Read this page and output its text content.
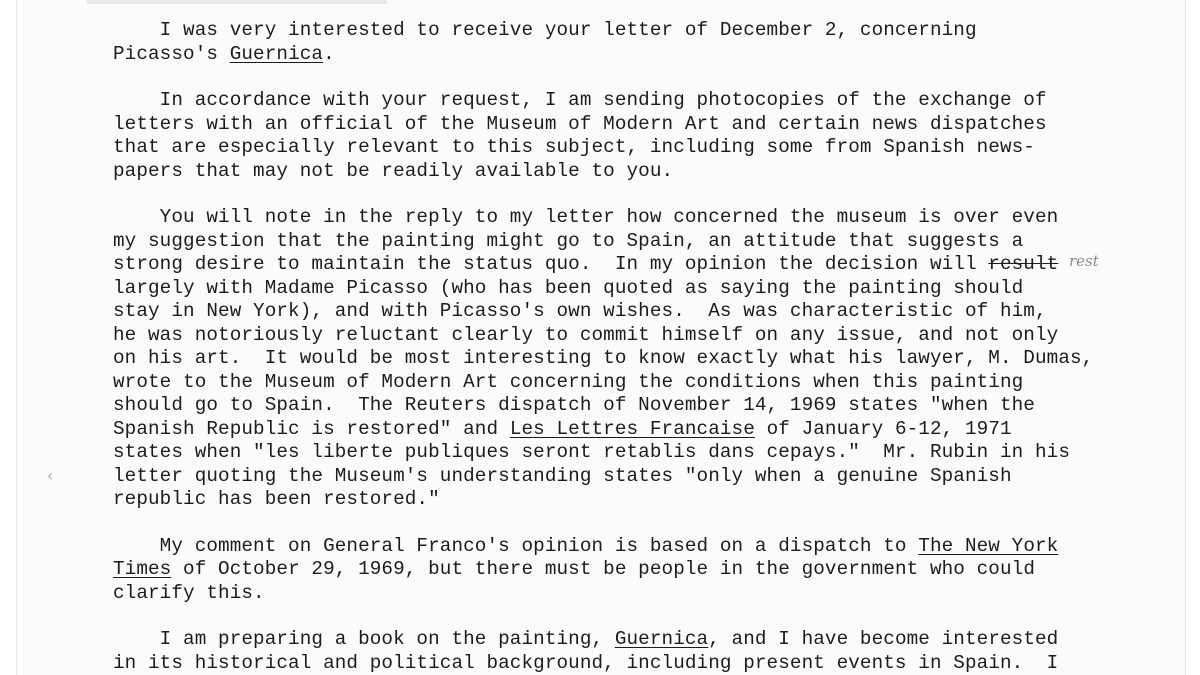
I was very interested to receive your letter of December 2, concerning
Picasso's Guernica.
In accordance with your request, I am sending photocopies of the exchange of
letters with an official of the Museum of Modern Art and certain news dispatches
that are especially relevant to this subject, including some from Spanish news-
papers that may not be readily available to you.
You will note in the reply to my letter how concerned the museum is over even
my suggestion that the painting might go to Spain, an attitude that suggests a
strong desire to maintain the status quo.  In my opinion the decision will result
largely with Madame Picasso (who has been quoted as saying the painting should
stay in New York), and with Picasso's own wishes.  As was characteristic of him,
he was notoriously reluctant clearly to commit himself on any issue, and not only
on his art.  It would be most interesting to know exactly what his lawyer, M. Dumas,
wrote to the Museum of Modern Art concerning the conditions when this painting
should go to Spain.  The Reuters dispatch of November 14, 1969 states "when the
Spanish Republic is restored" and Les Lettres Francaise of January 6-12, 1971
states when "les liberte publiques seront retablis dans cepays."  Mr. Rubin in his
letter quoting the Museum's understanding states "only when a genuine Spanish
republic has been restored."
My comment on General Franco's opinion is based on a dispatch to The New York
Times of October 29, 1969, but there must be people in the government who could
clarify this.
I am preparing a book on the painting, Guernica, and I have become interested
in its historical and political background, including present events in Spain.  I
rest
‹
